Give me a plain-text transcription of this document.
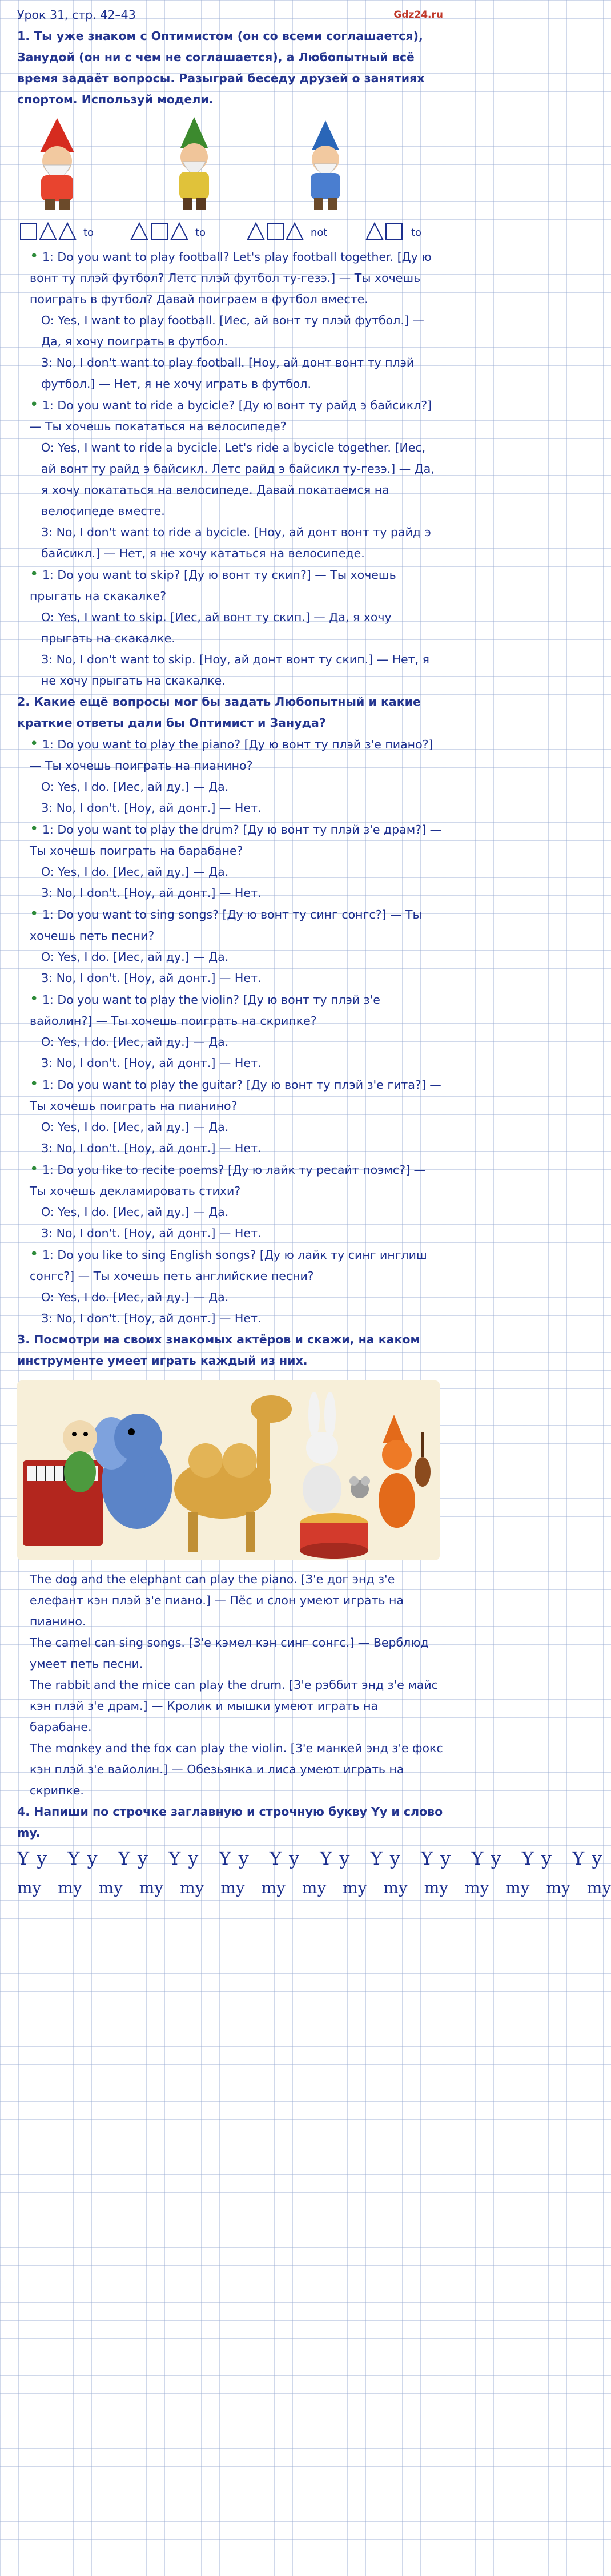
Урок 31, стр. 42–43	Gdz24.ru

1. Ты уже знаком с Оптимистом (он со всеми соглашается), Занудой (он ни с чем не соглашается), а Любопытный всё время задаёт вопросы. Разыграй беседу друзей о занятиях спортом. Используй модели.

to	to	not	to

• 1: Do you want to play football? Let's play football together. [Ду ю вонт ту плэй футбол? Летс плэй футбол ту-гезэ.] — Ты хочешь поиграть в футбол? Давай поиграем в футбол вместе.

O: Yes, I want to play football. [Иес, ай вонт ту плэй футбол.] — Да, я хочу поиграть в футбол.

З: No, I don't want to play football. [Ноу, ай донт вонт ту плэй футбол.] — Нет, я не хочу играть в футбол.

• 1: Do you want to ride a bycicle? [Ду ю вонт ту райд э байсикл?] — Ты хочешь покататься на велосипеде?

O: Yes, I want to ride a bycicle. Let's ride a bycicle together. [Иес, ай вонт ту райд э байсикл. Летс райд э байсикл ту-гезэ.] — Да, я хочу покататься на велосипеде. Давай покатаемся на велосипеде вместе.

З: No, I don't want to ride a bycicle. [Ноу, ай донт вонт ту райд э байсикл.] — Нет, я не хочу кататься на велосипеде.

• 1: Do you want to skip? [Ду ю вонт ту скип?] — Ты хочешь прыгать на скакалке?

O: Yes, I want to skip. [Иес, ай вонт ту скип.] — Да, я хочу прыгать на скакалке.

З: No, I don't want to skip. [Ноу, ай донт вонт ту скип.] — Нет, я не хочу прыгать на скакалке.

2. Какие ещё вопросы мог бы задать Любопытный и какие краткие ответы дали бы Оптимист и Зануда?

• 1: Do you want to play the piano? [Ду ю вонт ту плэй з'е пиано?] — Ты хочешь поиграть на пианино?

O: Yes, I do. [Иес, ай ду.] — Да.

З: No, I don't. [Ноу, ай донт.] — Нет.

• 1: Do you want to play the drum? [Ду ю вонт ту плэй з'е драм?] — Ты хочешь поиграть на барабане?

O: Yes, I do. [Иес, ай ду.] — Да.

З: No, I don't. [Ноу, ай донт.] — Нет.

• 1: Do you want to sing songs? [Ду ю вонт ту синг сонгс?] — Ты хочешь петь песни?

O: Yes, I do. [Иес, ай ду.] — Да.

З: No, I don't. [Ноу, ай донт.] — Нет.

• 1: Do you want to play the violin? [Ду ю вонт ту плэй з'е вайолин?] — Ты хочешь поиграть на скрипке?

O: Yes, I do. [Иес, ай ду.] — Да.

З: No, I don't. [Ноу, ай донт.] — Нет.

• 1: Do you want to play the guitar? [Ду ю вонт ту плэй з'е гита?] — Ты хочешь поиграть на пианино?

O: Yes, I do. [Иес, ай ду.] — Да.

З: No, I don't. [Ноу, ай донт.] — Нет.

• 1: Do you like to recite poems? [Ду ю лайк ту ресайт поэмс?] — Ты хочешь декламировать стихи?

O: Yes, I do. [Иес, ай ду.] — Да.

З: No, I don't. [Ноу, ай донт.] — Нет.

• 1: Do you like to sing English songs? [Ду ю лайк ту синг инглиш сонгс?] — Ты хочешь петь английские песни?

O: Yes, I do. [Иес, ай ду.] — Да.

З: No, I don't. [Ноу, ай донт.] — Нет.

3. Посмотри на своих знакомых актёров и скажи, на каком инструменте умеет играть каждый из них.

The dog and the elephant can play the piano. [З'е дог энд з'е елефант кэн плэй з'е пиано.] — Пёс и слон умеют играть на пианино.

The camel can sing songs. [З'е кэмел кэн синг сонгс.] — Верблюд умеет петь песни.

The rabbit and the mice can play the drum. [З'е рэббит энд з'е майс кэн плэй з'е драм.] — Кролик и мышки умеют играть на барабане.

The monkey and the fox can play the violin. [З'е манкей энд з'е фокс кэн плэй з'е вайолин.] — Обезьянка и лиса умеют играть на скрипке.

4. Напиши по строчке заглавную и строчную букву Yy и слово my.

Yy Yy Yy Yy Yy Yy Yy Yy Yy Yy Yy Yy
my my my my my my my my my my my my my my my
